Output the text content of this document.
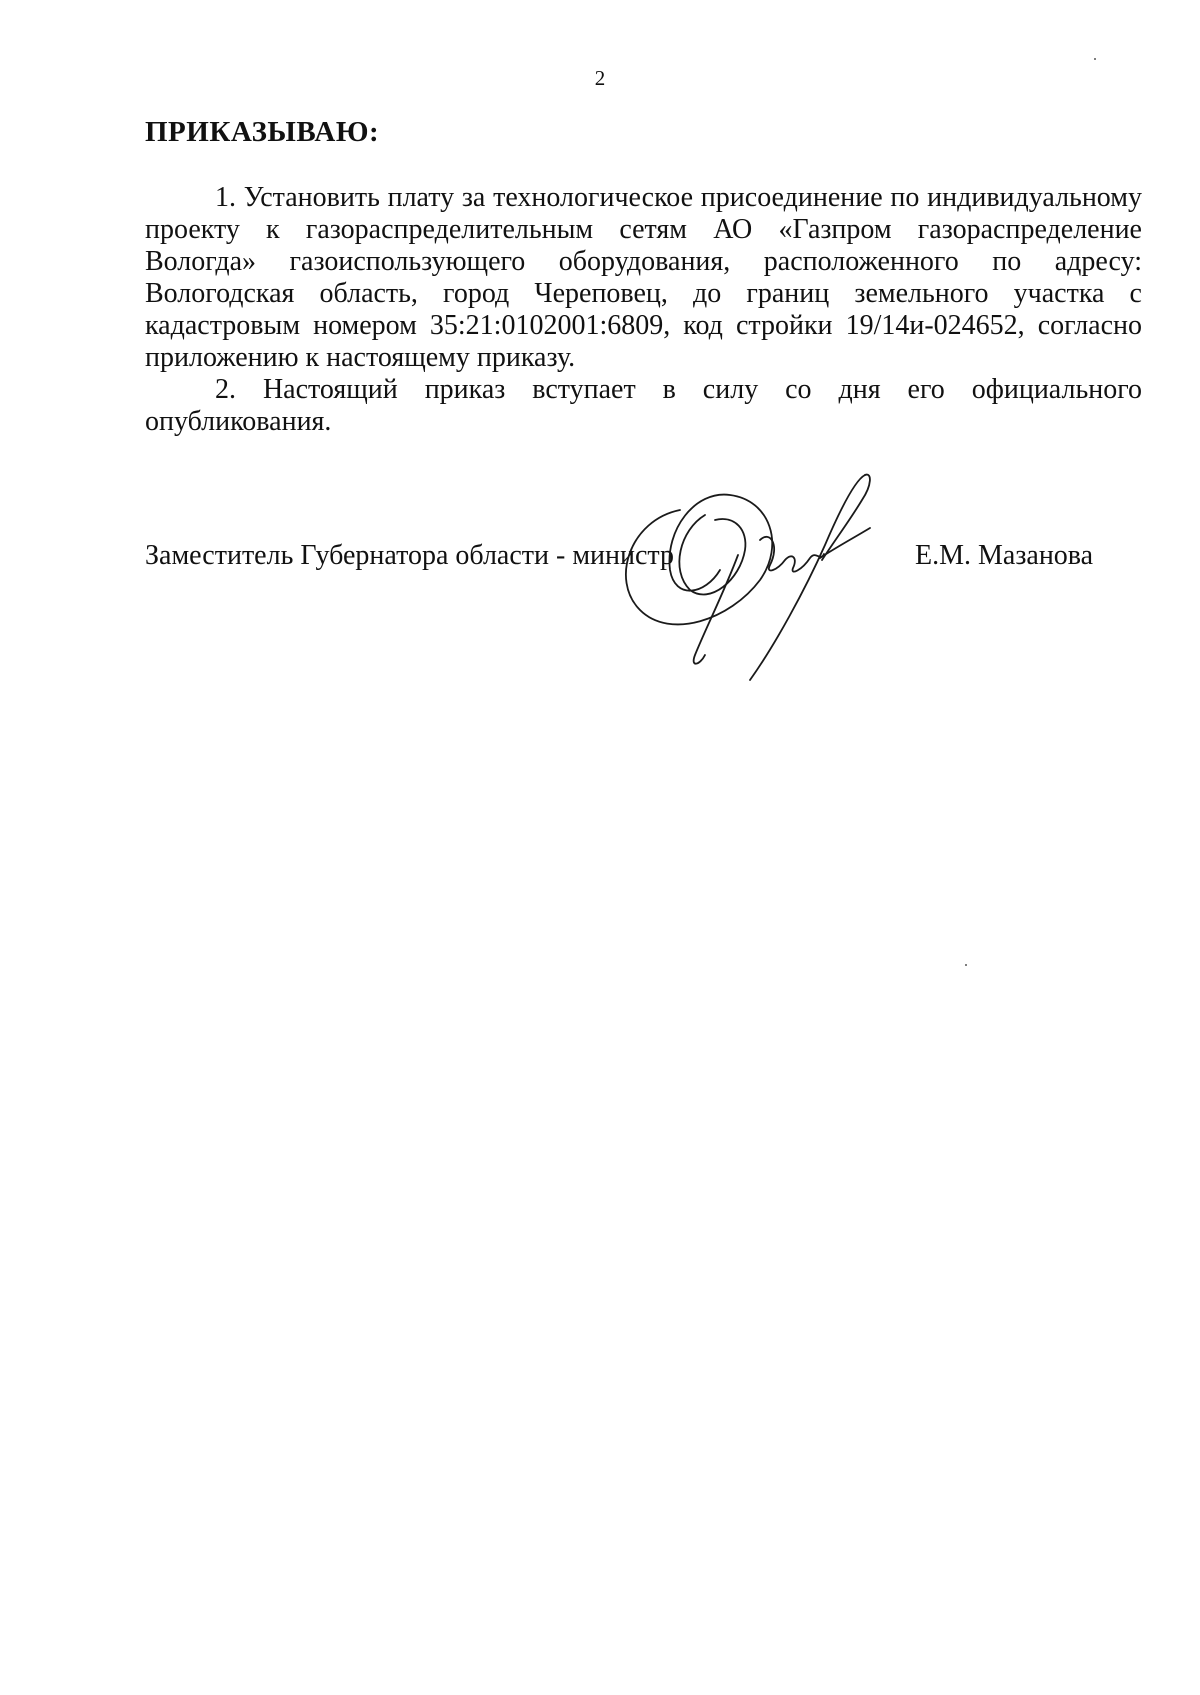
2
ПРИКАЗЫВАЮ:

1. Установить плату за технологическое присоединение по индивидуальному проекту к газораспределительным сетям АО «Газпром газораспределение Вологда» газоиспользующего оборудования, расположенного по адресу: Вологодская область, город Череповец, до границ земельного участка с кадастровым номером 35:21:0102001:6809, код стройки 19/14и-024652, согласно приложению к настоящему приказу.

2. Настоящий приказ вступает в силу со дня его официального опубликования.

Заместитель Губернатора области - министр	Е.М. Мазанова
